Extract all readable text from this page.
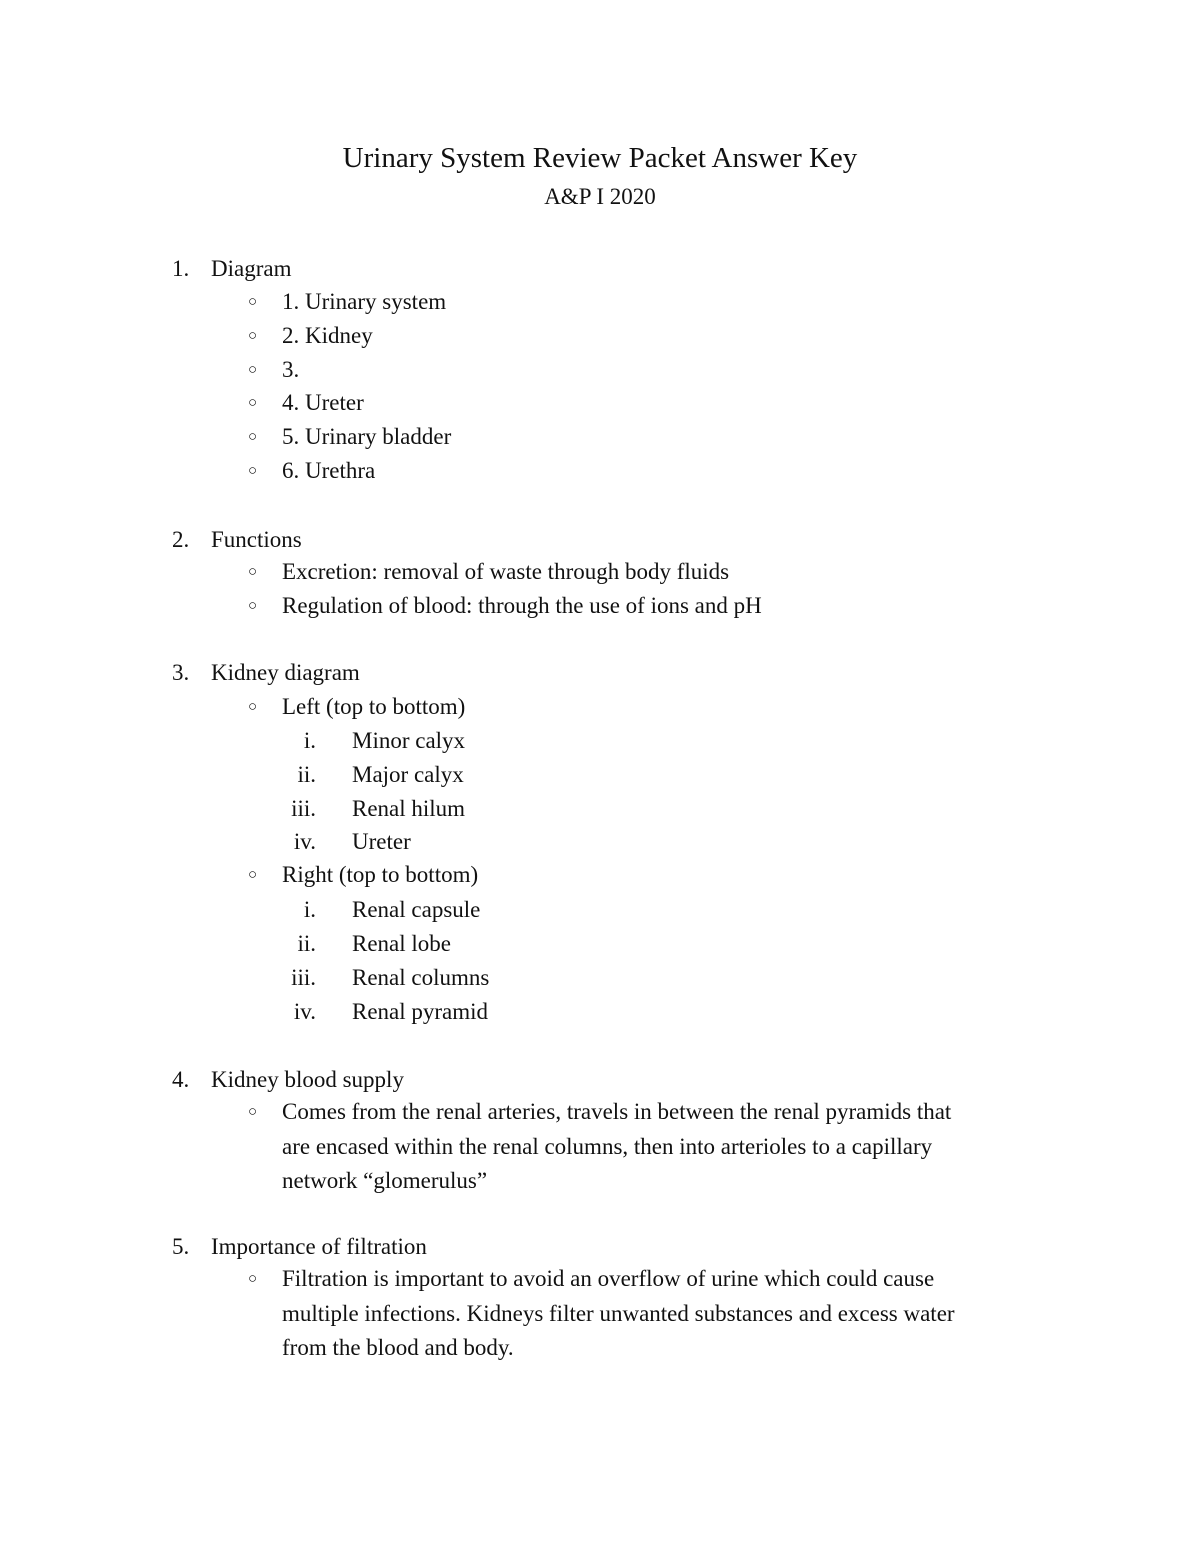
Urinary System Review Packet Answer Key
A&P I 2020
1. Diagram
○ 1. Urinary system
○ 2. Kidney
○ 3.
○ 4. Ureter
○ 5. Urinary bladder
○ 6. Urethra
2. Functions
○ Excretion: removal of waste through body fluids
○ Regulation of blood: through the use of ions and pH
3. Kidney diagram
○ Left (top to bottom)
i. Minor calyx
ii. Major calyx
iii. Renal hilum
iv. Ureter
○ Right (top to bottom)
i. Renal capsule
ii. Renal lobe
iii. Renal columns
iv. Renal pyramid
4. Kidney blood supply
○ Comes from the renal arteries, travels in between the renal pyramids that
are encased within the renal columns, then into arterioles to a capillary
network “glomerulus”
5. Importance of filtration
○ Filtration is important to avoid an overflow of urine which could cause
multiple infections. Kidneys filter unwanted substances and excess water
from the blood and body.
